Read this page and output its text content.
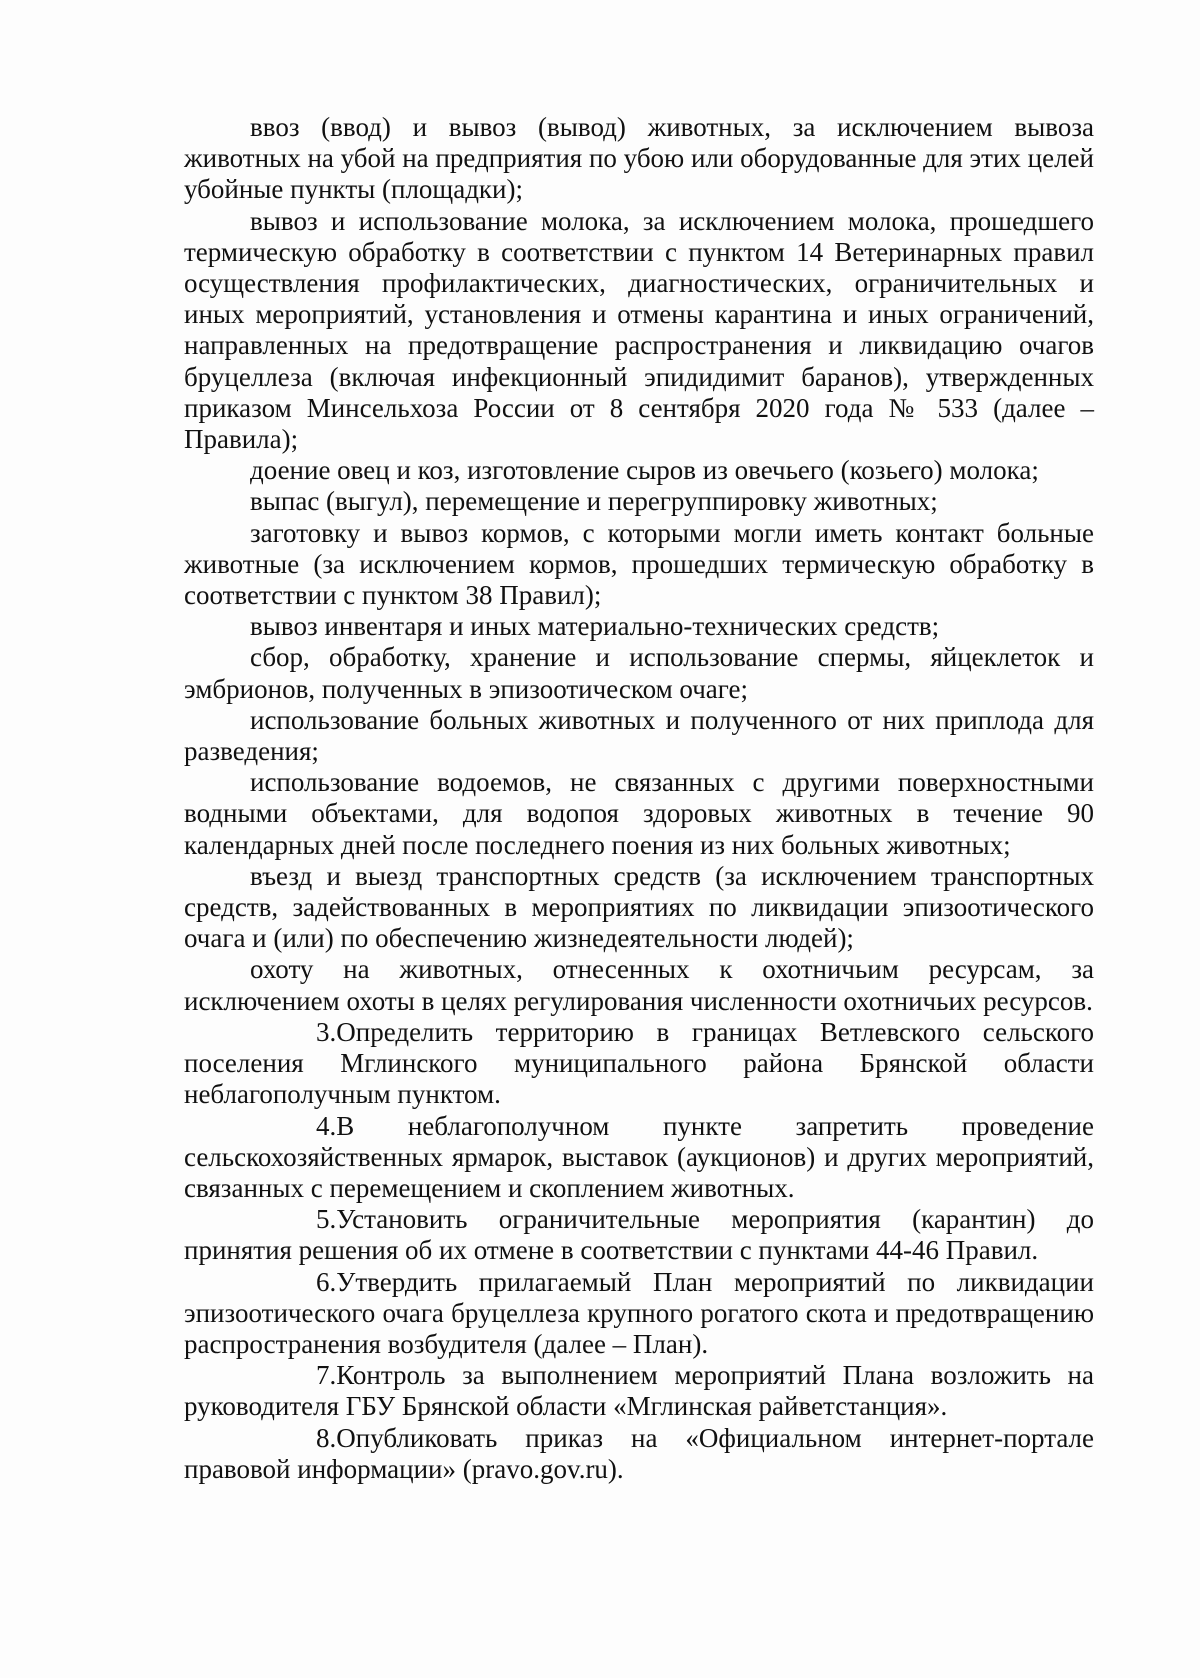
ввоз (ввод) и вывоз (вывод) животных, за исключением вывоза животных на убой на предприятия по убою или оборудованные для этих целей убойные пункты (площадки);

вывоз и использование молока, за исключением молока, прошедшего термическую обработку в соответствии с пунктом 14 Ветеринарных правил осуществления профилактических, диагностических, ограничительных и иных мероприятий, установления и отмены карантина и иных ограничений, направленных на предотвращение распространения и ликвидацию очагов бруцеллеза (включая инфекционный эпидидимит баранов), утвержденных приказом Минсельхоза России от 8 сентября 2020 года № 533 (далее – Правила);

доение овец и коз, изготовление сыров из овечьего (козьего) молока;

выпас (выгул), перемещение и перегруппировку животных;

заготовку и вывоз кормов, с которыми могли иметь контакт больные животные (за исключением кормов, прошедших термическую обработку в соответствии с пунктом 38 Правил);

вывоз инвентаря и иных материально-технических средств;

сбор, обработку, хранение и использование спермы, яйцеклеток и эмбрионов, полученных в эпизоотическом очаге;

использование больных животных и полученного от них приплода для разведения;

использование водоемов, не связанных с другими поверхностными водными объектами, для водопоя здоровых животных в течение 90 календарных дней после последнего поения из них больных животных;

въезд и выезд транспортных средств (за исключением транспортных средств, задействованных в мероприятиях по ликвидации эпизоотического очага и (или) по обеспечению жизнедеятельности людей);

охоту на животных, отнесенных к охотничьим ресурсам, за исключением охоты в целях регулирования численности охотничьих ресурсов.

3.Определить территорию в границах Ветлевского сельского поселения Мглинского муниципального района Брянской области неблагополучным пунктом.

4.В неблагополучном пункте запретить проведение сельскохозяйственных ярмарок, выставок (аукционов) и других мероприятий, связанных с перемещением и скоплением животных.

5.Установить ограничительные мероприятия (карантин) до принятия решения об их отмене в соответствии с пунктами 44-46 Правил.

6.Утвердить прилагаемый План мероприятий по ликвидации эпизоотического очага бруцеллеза крупного рогатого скота и предотвращению распространения возбудителя (далее – План).

7.Контроль за выполнением мероприятий Плана возложить на руководителя ГБУ Брянской области «Мглинская райветстанция».

8.Опубликовать приказ на «Официальном интернет-портале правовой информации» (pravo.gov.ru).
